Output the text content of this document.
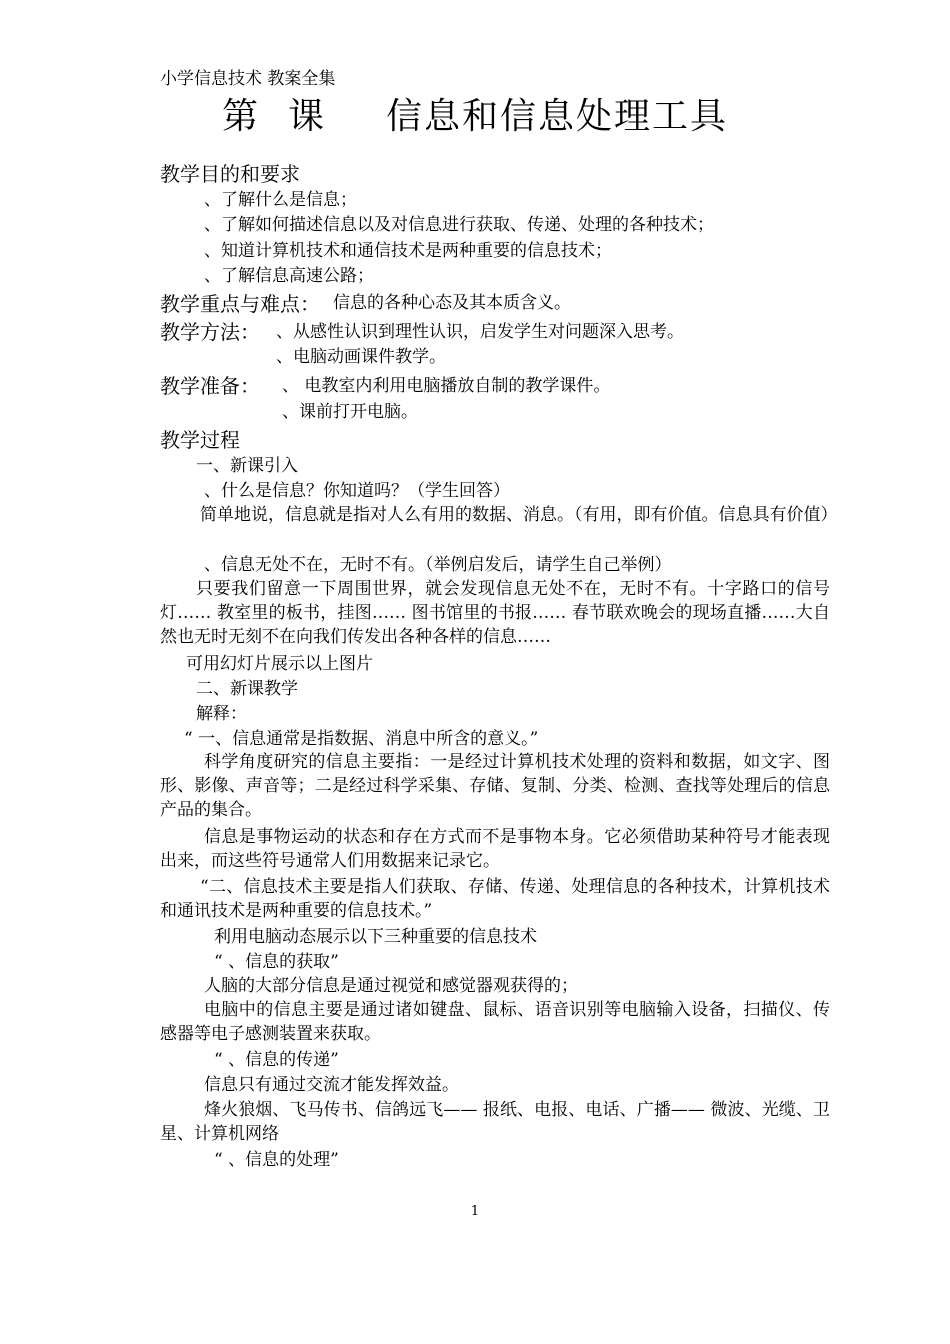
小学信息技术 教案全集
第 课 信息和信息处理工具
教学目的和要求
、了解什么是信息；
、了解如何描述信息以及对信息进行获取、传递、处理的各种技术；
、知道计算机技术和通信技术是两种重要的信息技术；
、了解信息高速公路；
教学重点与难点： 信息的各种心态及其本质含义。
教学方法： 、从感性认识到理性认识，启发学生对问题深入思考。
、电脑动画课件教学。
教学准备： 、 电教室内利用电脑播放自制的教学课件。
、课前打开电脑。
教学过程
一、新课引入
、什么是信息？你知道吗？（学生回答）
简单地说，信息就是指对人么有用的数据、消息。（有用，即有价值。信息具有价值）
、信息无处不在，无时不有。（举例启发后，请学生自己举例）
只要我们留意一下周围世界，就会发现信息无处不在，无时不有。十字路口的信号灯…… 教室里的板书，挂图…… 图书馆里的书报…… 春节联欢晚会的现场直播……大自然也无时无刻不在向我们传发出各种各样的信息……
可用幻灯片展示以上图片
二、新课教学
解释：
“ 一、信息通常是指数据、消息中所含的意义。”
科学角度研究的信息主要指：一是经过计算机技术处理的资料和数据，如文字、图形、影像、声音等；二是经过科学采集、存储、复制、分类、检测、查找等处理后的信息产品的集合。
信息是事物运动的状态和存在方式而不是事物本身。它必须借助某种符号才能表现出来，而这些符号通常人们用数据来记录它。
“二、信息技术主要是指人们获取、存储、传递、处理信息的各种技术，计算机技术和通讯技术是两种重要的信息技术。”
利用电脑动态展示以下三种重要的信息技术
“ 、信息的获取”
人脑的大部分信息是通过视觉和感觉器观获得的；
电脑中的信息主要是通过诸如键盘、鼠标、语音识别等电脑输入设备，扫描仪、传感器等电子感测装置来获取。
“ 、信息的传递”
信息只有通过交流才能发挥效益。
烽火狼烟、飞马传书、信鸽远飞—— 报纸、电报、电话、广播—— 微波、光缆、卫星、计算机网络
“ 、信息的处理”
1
